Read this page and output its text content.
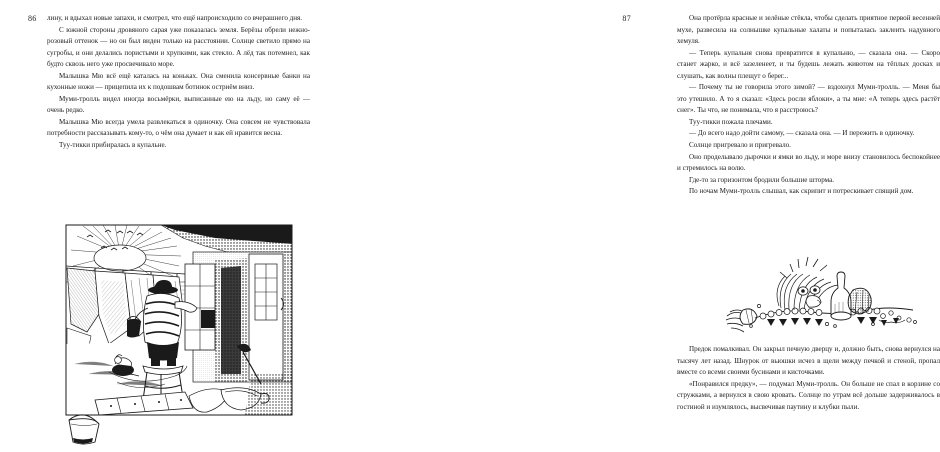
86 лину, и вдыхал новые запахи, и смотрел, что ещё напроисходило со вчерашнего дня.

С южной стороны дровяного сарая уже показалась земля. Берёзы обрели нежно-розовый оттенок — но он был виден только на расстоянии. Солнце светило прямо на сугробы, и они делались пористыми и хрупкими, как стекло. А лёд так потемнел, как будто сквозь него уже просвечивало море.

Малышка Мю всё ещё каталась на коньках. Она сменила консервные банки на кухонные ножи — прицепила их к подошвам ботинок остриём вниз.

Муми-тролль видел иногда восьмёрки, выписанные ею на льду, но саму её — очень редко.

Малышка Мю всегда умела развлекаться в одиночку. Она совсем не чувствовала потребности рассказывать кому-то, о чём она думает и как ей нравится весна.

Туу-тикки прибиралась в купальне.

87	Она протёрла красные и зелёные стёкла, чтобы сделать приятное первой весенней мухе, развесила на солнышке купальные халаты и попыталась заклеить надувного хемуля.

— Теперь купальня снова превратится в купальню, — сказала она. — Скоро станет жарко, и всё зазеленеет, и ты будешь лежать животом на тёплых досках и слушать, как волны плещут о берег...

— Почему ты не говорила этого зимой? — вздохнул Муми-тролль. — Меня бы это утешило. А то я сказал: «Здесь росли яблоки», а ты мне: «А теперь здесь растёт снег». Ты что, не понимала, что я расстроюсь?

Туу-тикки пожала плечами.

— До всего надо дойти самому, — сказала она. — И пережить в одиночку.

Солнце пригревало и пригревало.

Оно проделывало дырочки и ямки во льду, и море внизу становилось беспокойнее и стремилось на волю.

Где-то за горизонтом бродили большие шторма.

По ночам Муми-тролль слышал, как скрипит и потрескивает спящий дом.

Предок помалкивал. Он закрыл печную дверцу и, должно быть, снова вернулся на тысячу лет назад. Шнурок от вьюшки исчез в щели между печкой и стеной, пропал вместе со всеми своими бусинами и кисточками.

«Понравился предку», — подумал Муми-тролль. Он больше не спал в корзине со стружками, а вернулся в свою кровать. Солнце по утрам всё дольше задерживалось в гостиной и изумлялось, высвечивая паутину и клубки пыли.
